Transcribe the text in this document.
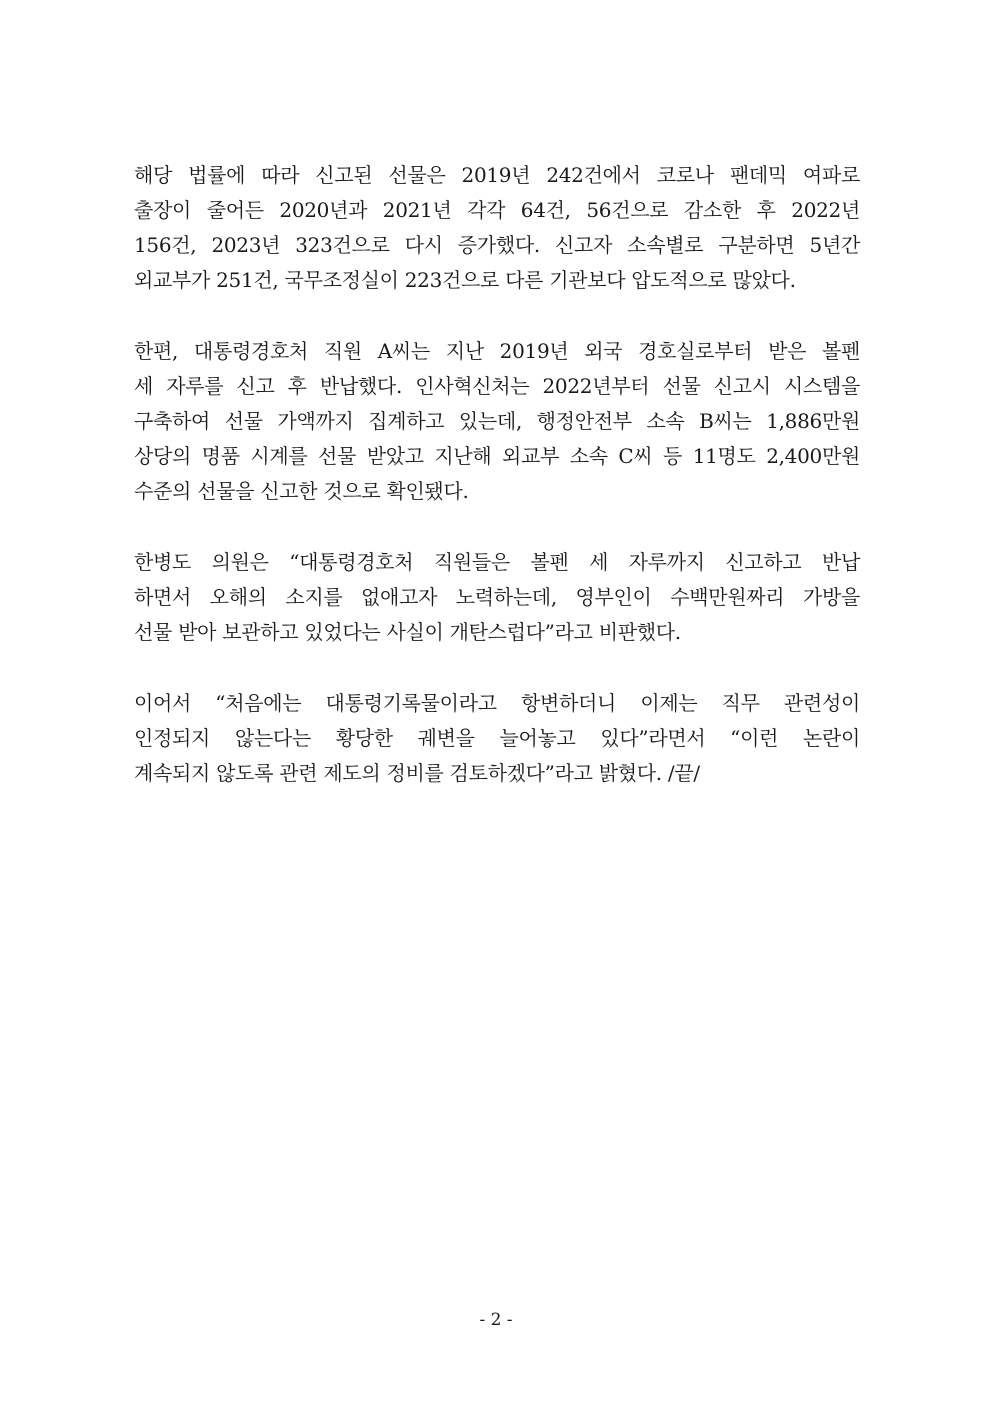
해당 법률에 따라 신고된 선물은 2019년 242건에서 코로나 팬데믹 여파로
출장이 줄어든 2020년과 2021년 각각 64건, 56건으로 감소한 후 2022년
156건, 2023년 323건으로 다시 증가했다. 신고자 소속별로 구분하면 5년간
외교부가 251건, 국무조정실이 223건으로 다른 기관보다 압도적으로 많았다.

한편, 대통령경호처 직원 A씨는 지난 2019년 외국 경호실로부터 받은 볼펜
세 자루를 신고 후 반납했다. 인사혁신처는 2022년부터 선물 신고시 시스템을
구축하여 선물 가액까지 집계하고 있는데, 행정안전부 소속 B씨는 1,886만원
상당의 명품 시계를 선물 받았고 지난해 외교부 소속 C씨 등 11명도 2,400만원
수준의 선물을 신고한 것으로 확인됐다.

한병도 의원은 “대통령경호처 직원들은 볼펜 세 자루까지 신고하고 반납
하면서 오해의 소지를 없애고자 노력하는데, 영부인이 수백만원짜리 가방을
선물 받아 보관하고 있었다는 사실이 개탄스럽다”라고 비판했다.

이어서 “처음에는 대통령기록물이라고 항변하더니 이제는 직무 관련성이
인정되지 않는다는 황당한 궤변을 늘어놓고 있다”라면서 “이런 논란이
계속되지 않도록 관련 제도의 정비를 검토하겠다”라고 밝혔다. /끝/

- 2 -
